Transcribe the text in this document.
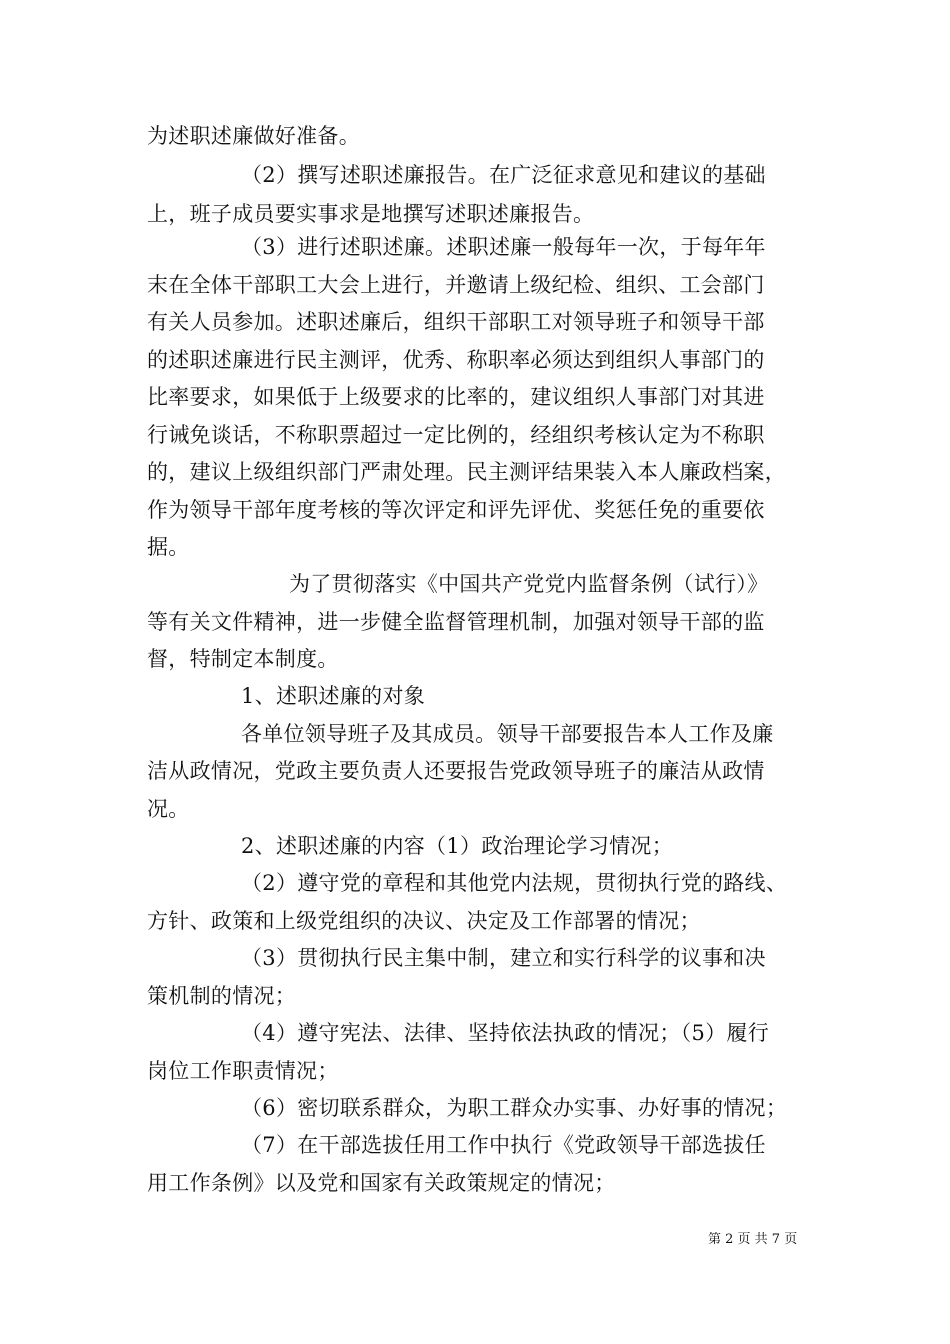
为述职述廉做好准备。
（2）撰写述职述廉报告。在广泛征求意见和建议的基础
上，班子成员要实事求是地撰写述职述廉报告。
（3）进行述职述廉。述职述廉一般每年一次，于每年年
末在全体干部职工大会上进行，并邀请上级纪检、组织、工会部门
有关人员参加。述职述廉后，组织干部职工对领导班子和领导干部
的述职述廉进行民主测评，优秀、称职率必须达到组织人事部门的
比率要求，如果低于上级要求的比率的，建议组织人事部门对其进
行诫免谈话，不称职票超过一定比例的，经组织考核认定为不称职
的，建议上级组织部门严肃处理。民主测评结果装入本人廉政档案，
作为领导干部年度考核的等次评定和评先评优、奖惩任免的重要依
据。
为了贯彻落实《中国共产党党内监督条例（试行）》
等有关文件精神，进一步健全监督管理机制，加强对领导干部的监
督，特制定本制度。
1、述职述廉的对象
各单位领导班子及其成员。领导干部要报告本人工作及廉
洁从政情况，党政主要负责人还要报告党政领导班子的廉洁从政情
况。
2、述职述廉的内容（1）政治理论学习情况；
（2）遵守党的章程和其他党内法规，贯彻执行党的路线、
方针、政策和上级党组织的决议、决定及工作部署的情况；
（3）贯彻执行民主集中制，建立和实行科学的议事和决
策机制的情况；
（4）遵守宪法、法律、坚持依法执政的情况；（5）履行
岗位工作职责情况；
（6）密切联系群众，为职工群众办实事、办好事的情况；
（7）在干部选拔任用工作中执行《党政领导干部选拔任
用工作条例》以及党和国家有关政策规定的情况；
第 2 页 共 7 页
